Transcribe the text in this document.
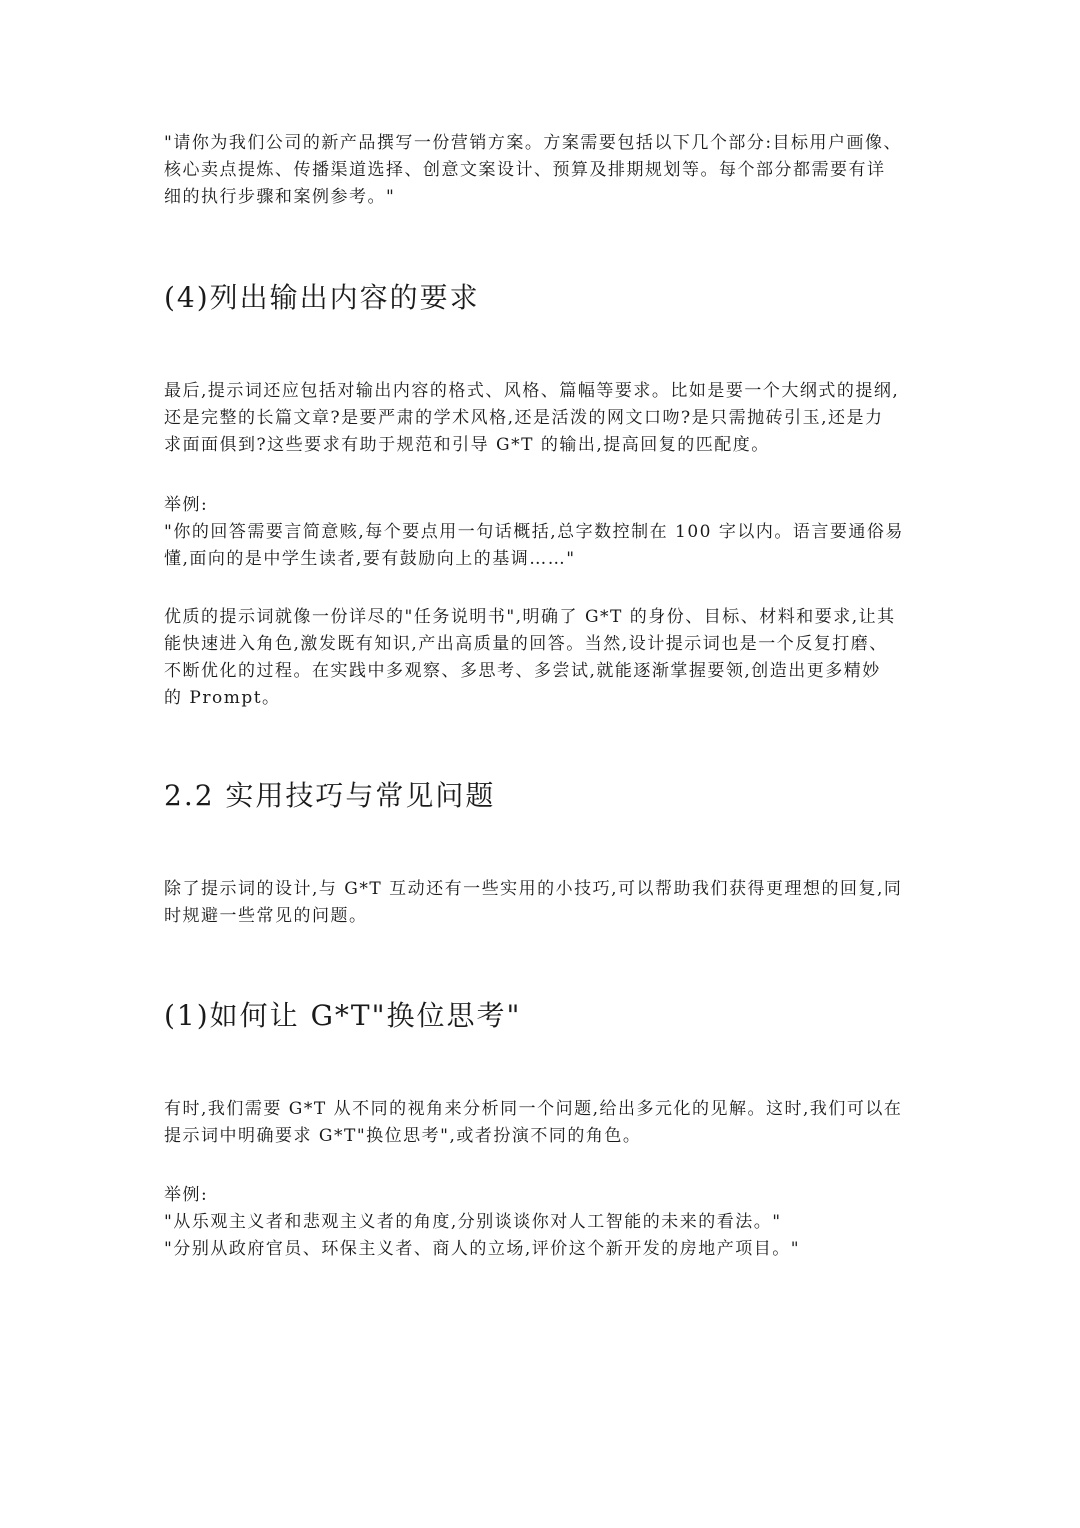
"请你为我们公司的新产品撰写一份营销方案。方案需要包括以下几个部分:目标用户画像、
核心卖点提炼、传播渠道选择、创意文案设计、预算及排期规划等。每个部分都需要有详
细的执行步骤和案例参考。"
(4)列出输出内容的要求
最后,提示词还应包括对输出内容的格式、风格、篇幅等要求。比如是要一个大纲式的提纲,
还是完整的长篇文章?是要严肃的学术风格,还是活泼的网文口吻?是只需抛砖引玉,还是力
求面面俱到?这些要求有助于规范和引导 G*T 的输出,提高回复的匹配度。
举例:
"你的回答需要言简意赅,每个要点用一句话概括,总字数控制在 100 字以内。语言要通俗易
懂,面向的是中学生读者,要有鼓励向上的基调……"
优质的提示词就像一份详尽的"任务说明书",明确了 G*T 的身份、目标、材料和要求,让其
能快速进入角色,激发既有知识,产出高质量的回答。当然,设计提示词也是一个反复打磨、
不断优化的过程。在实践中多观察、多思考、多尝试,就能逐渐掌握要领,创造出更多精妙
的 Prompt。
2.2 实用技巧与常见问题
除了提示词的设计,与 G*T 互动还有一些实用的小技巧,可以帮助我们获得更理想的回复,同
时规避一些常见的问题。
(1)如何让 G*T"换位思考"
有时,我们需要 G*T 从不同的视角来分析同一个问题,给出多元化的见解。这时,我们可以在
提示词中明确要求 G*T"换位思考",或者扮演不同的角色。
举例:
"从乐观主义者和悲观主义者的角度,分别谈谈你对人工智能的未来的看法。"
"分别从政府官员、环保主义者、商人的立场,评价这个新开发的房地产项目。"
